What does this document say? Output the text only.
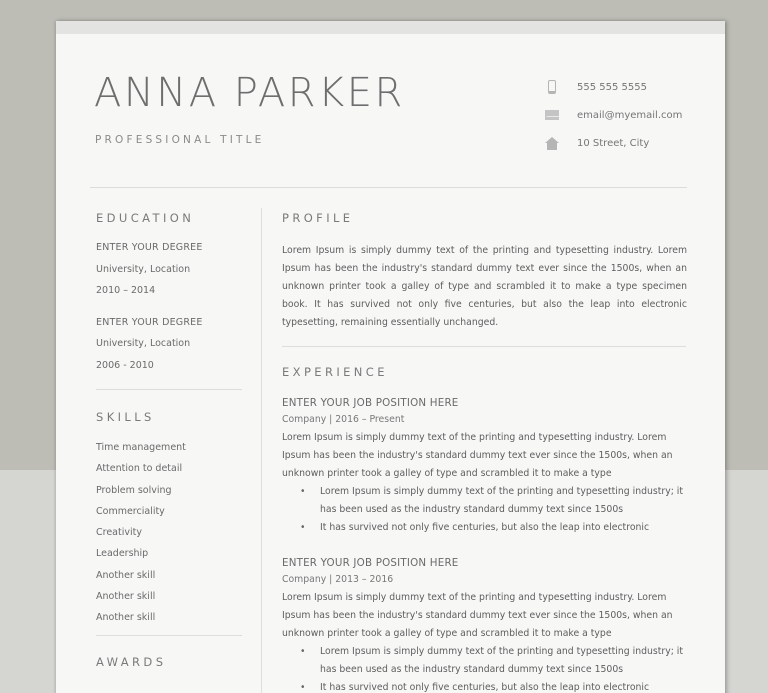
ANNA PARKER
PROFESSIONAL TITLE
555 555 5555
email@myemail.com
10 Street, City
EDUCATION
ENTER YOUR DEGREE
University, Location
2010 – 2014
ENTER YOUR DEGREE
University, Location
2006 - 2010
SKILLS
Time management
Attention to detail
Problem solving
Commerciality
Creativity
Leadership
Another skill
Another skill
Another skill
AWARDS
PROFILE

Lorem Ipsum is simply dummy text of the printing and typesetting industry. Lorem Ipsum has been the industry's standard dummy text ever since the 1500s, when an unknown printer took a galley of type and scrambled it to make a type specimen book. It has survived not only five centuries, but also the leap into electronic typesetting, remaining essentially unchanged.

EXPERIENCE
ENTER YOUR JOB POSITION HERE
Company | 2016 – Present

Lorem Ipsum is simply dummy text of the printing and typesetting industry. Lorem Ipsum has been the industry's standard dummy text ever since the 1500s, when an unknown printer took a galley of type and scrambled it to make a type

• Lorem Ipsum is simply dummy text of the printing and typesetting industry; it has been used as the industry standard dummy text since 1500s
• It has survived not only five centuries, but also the leap into electronic
ENTER YOUR JOB POSITION HERE
Company | 2013 – 2016

Lorem Ipsum is simply dummy text of the printing and typesetting industry. Lorem Ipsum has been the industry's standard dummy text ever since the 1500s, when an unknown printer took a galley of type and scrambled it to make a type

• Lorem Ipsum is simply dummy text of the printing and typesetting industry; it has been used as the industry standard dummy text since 1500s
• It has survived not only five centuries, but also the leap into electronic
